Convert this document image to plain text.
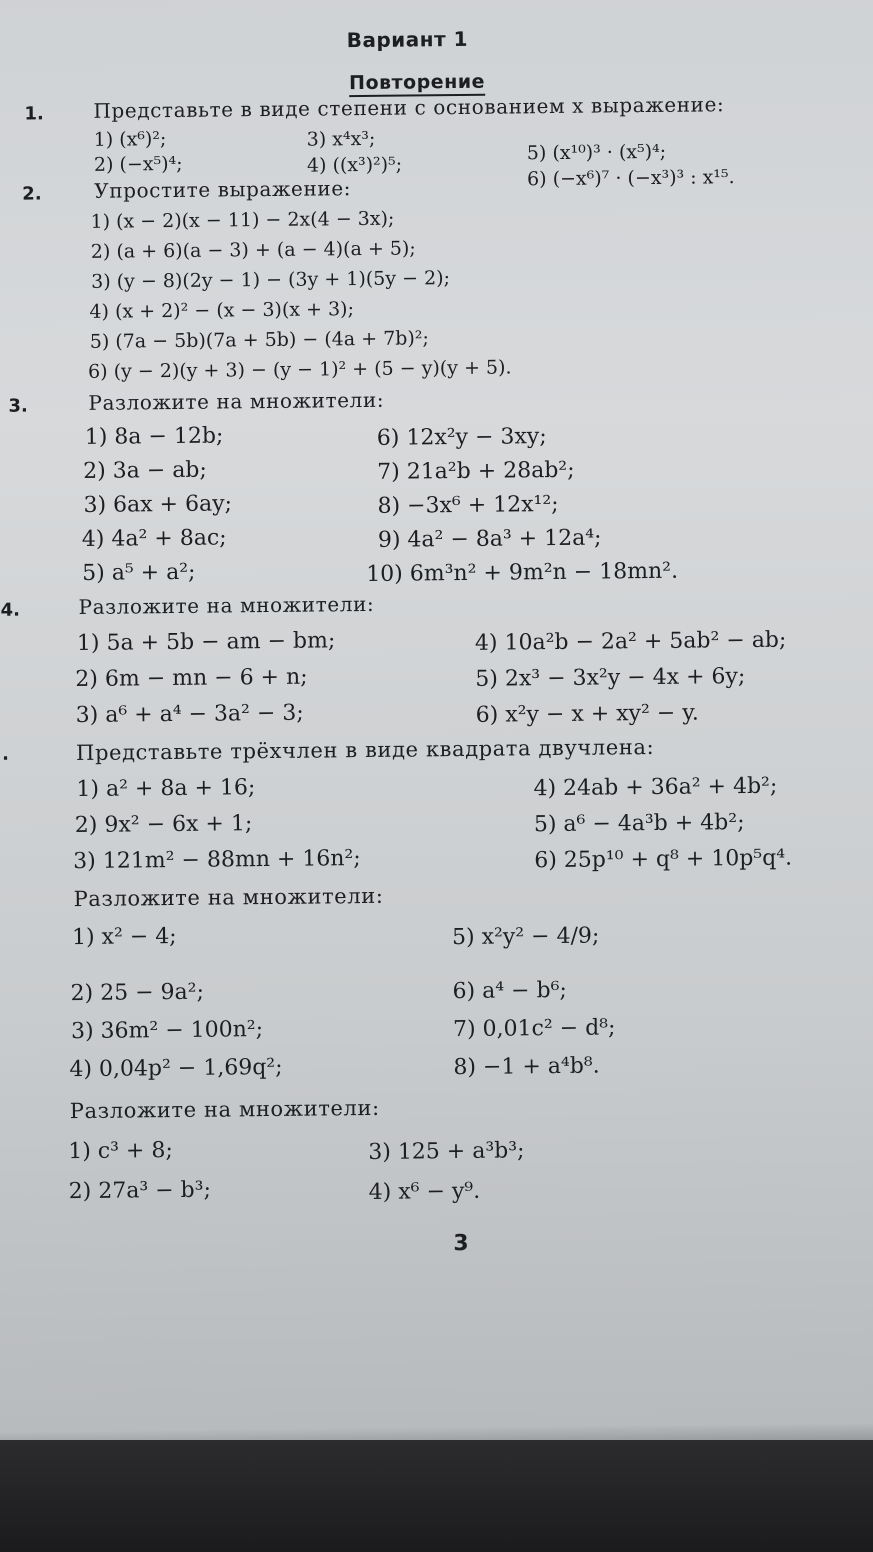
Вариант 1
Повторение
1. Представьте в виде степени с основанием x выражение:
1) (x⁶)²;
2) (−x⁵)⁴;
3) x⁴x³;
4) ((x³)²)⁵;
5) (x¹⁰)³ · (x⁵)⁴;
6) (−x⁶)⁷ · (−x³)³ : x¹⁵.
2.	Упростите выражение:
1) (x − 2)(x − 11) − 2x(4 − 3x);
2) (a + 6)(a − 3) + (a − 4)(a + 5);
3) (y − 8)(2y − 1) − (3y + 1)(5y − 2);
4) (x + 2)² − (x − 3)(x + 3);
5) (7a − 5b)(7a + 5b) − (4a + 7b)²;
6) (y − 2)(y + 3) − (y − 1)² + (5 − y)(y + 5).
3.	Разложите на множители:
1) 8a − 12b;
2) 3a − ab;
3) 6ax + 6ay;
4) 4a² + 8ac;
5) a⁵ + a²;
6) 12x²y − 3xy;
7) 21a²b + 28ab²;
8) −3x⁶ + 12x¹²;
9) 4a² − 8a³ + 12a⁴;
10) 6m³n² + 9m²n − 18mn².
4.	Разложите на множители:
1) 5a + 5b − am − bm;
2) 6m − mn − 6 + n;
3) a⁶ + a⁴ − 3a² − 3;
4) 10a²b − 2a² + 5ab² − ab;
5) 2x³ − 3x²y − 4x + 6y;
6) x²y − x + xy² − y.
.	Представьте трёхчлен в виде квадрата двучлена:
1) a² + 8a + 16;
2) 9x² − 6x + 1;
3) 121m² − 88mn + 16n²;
4) 24ab + 36a² + 4b²;
5) a⁶ − 4a³b + 4b²;
6) 25p¹⁰ + q⁸ + 10p⁵q⁴.
Разложите на множители:
1) x² − 4;
2) 25 − 9a²;
3) 36m² − 100n²;
4) 0,04p² − 1,69q²;
5) x²y² − 4/9;
6) a⁴ − b⁶;
7) 0,01c² − d⁸;
8) −1 + a⁴b⁸.
Разложите на множители:
1) c³ + 8;
2) 27a³ − b³;
3) 125 + a³b³;
4) x⁶ − y⁹.
3
